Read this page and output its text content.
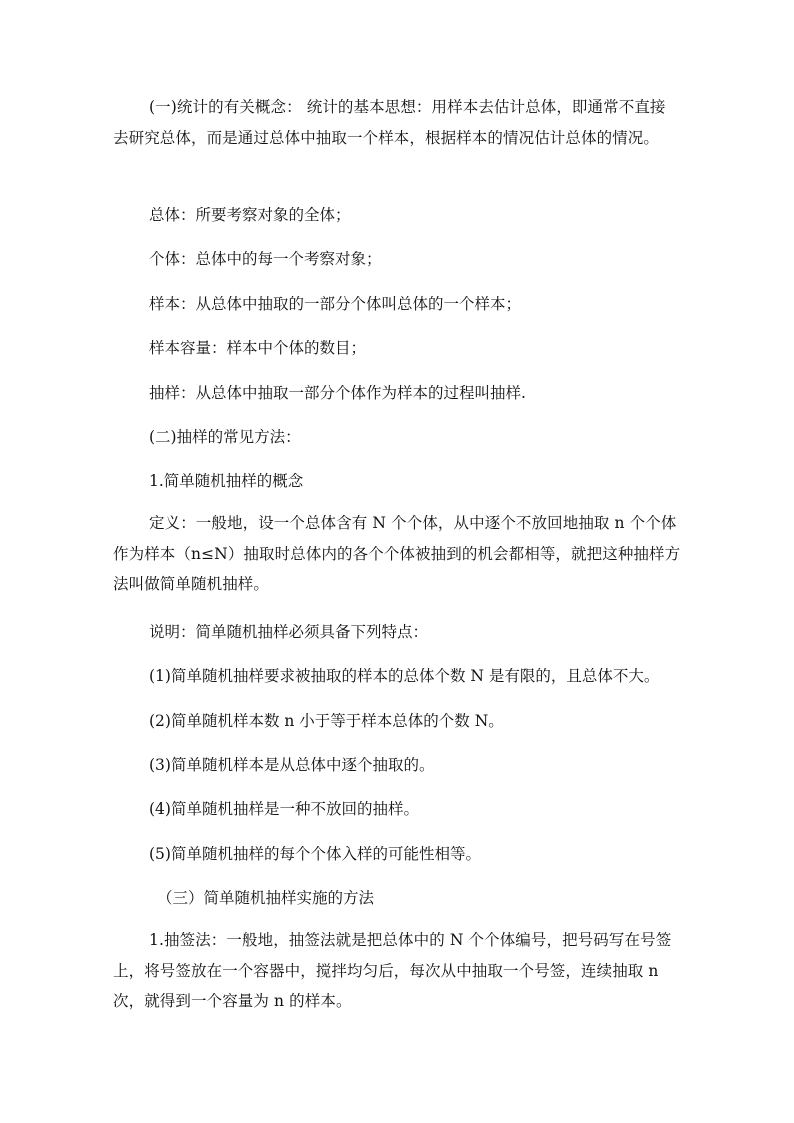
(一)统计的有关概念： 统计的基本思想：用样本去估计总体，即通常不直接去研究总体，而是通过总体中抽取一个样本，根据样本的情况估计总体的情况。

总体：所要考察对象的全体；

个体：总体中的每一个考察对象；

样本：从总体中抽取的一部分个体叫总体的一个样本；

样本容量：样本中个体的数目；

抽样：从总体中抽取一部分个体作为样本的过程叫抽样.

(二)抽样的常见方法：

1.简单随机抽样的概念

定义：一般地，设一个总体含有 N 个个体，从中逐个不放回地抽取 n 个个体作为样本（n≤N）抽取时总体内的各个个体被抽到的机会都相等，就把这种抽样方法叫做简单随机抽样。

说明：简单随机抽样必须具备下列特点：

(1)简单随机抽样要求被抽取的样本的总体个数 N 是有限的，且总体不大。

(2)简单随机样本数 n 小于等于样本总体的个数 N。

(3)简单随机样本是从总体中逐个抽取的。

(4)简单随机抽样是一种不放回的抽样。

(5)简单随机抽样的每个个体入样的可能性相等。

（三）简单随机抽样实施的方法

1.抽签法：一般地，抽签法就是把总体中的 N 个个体编号，把号码写在号签上，将号签放在一个容器中，搅拌均匀后，每次从中抽取一个号签，连续抽取 n 次，就得到一个容量为 n 的样本。
